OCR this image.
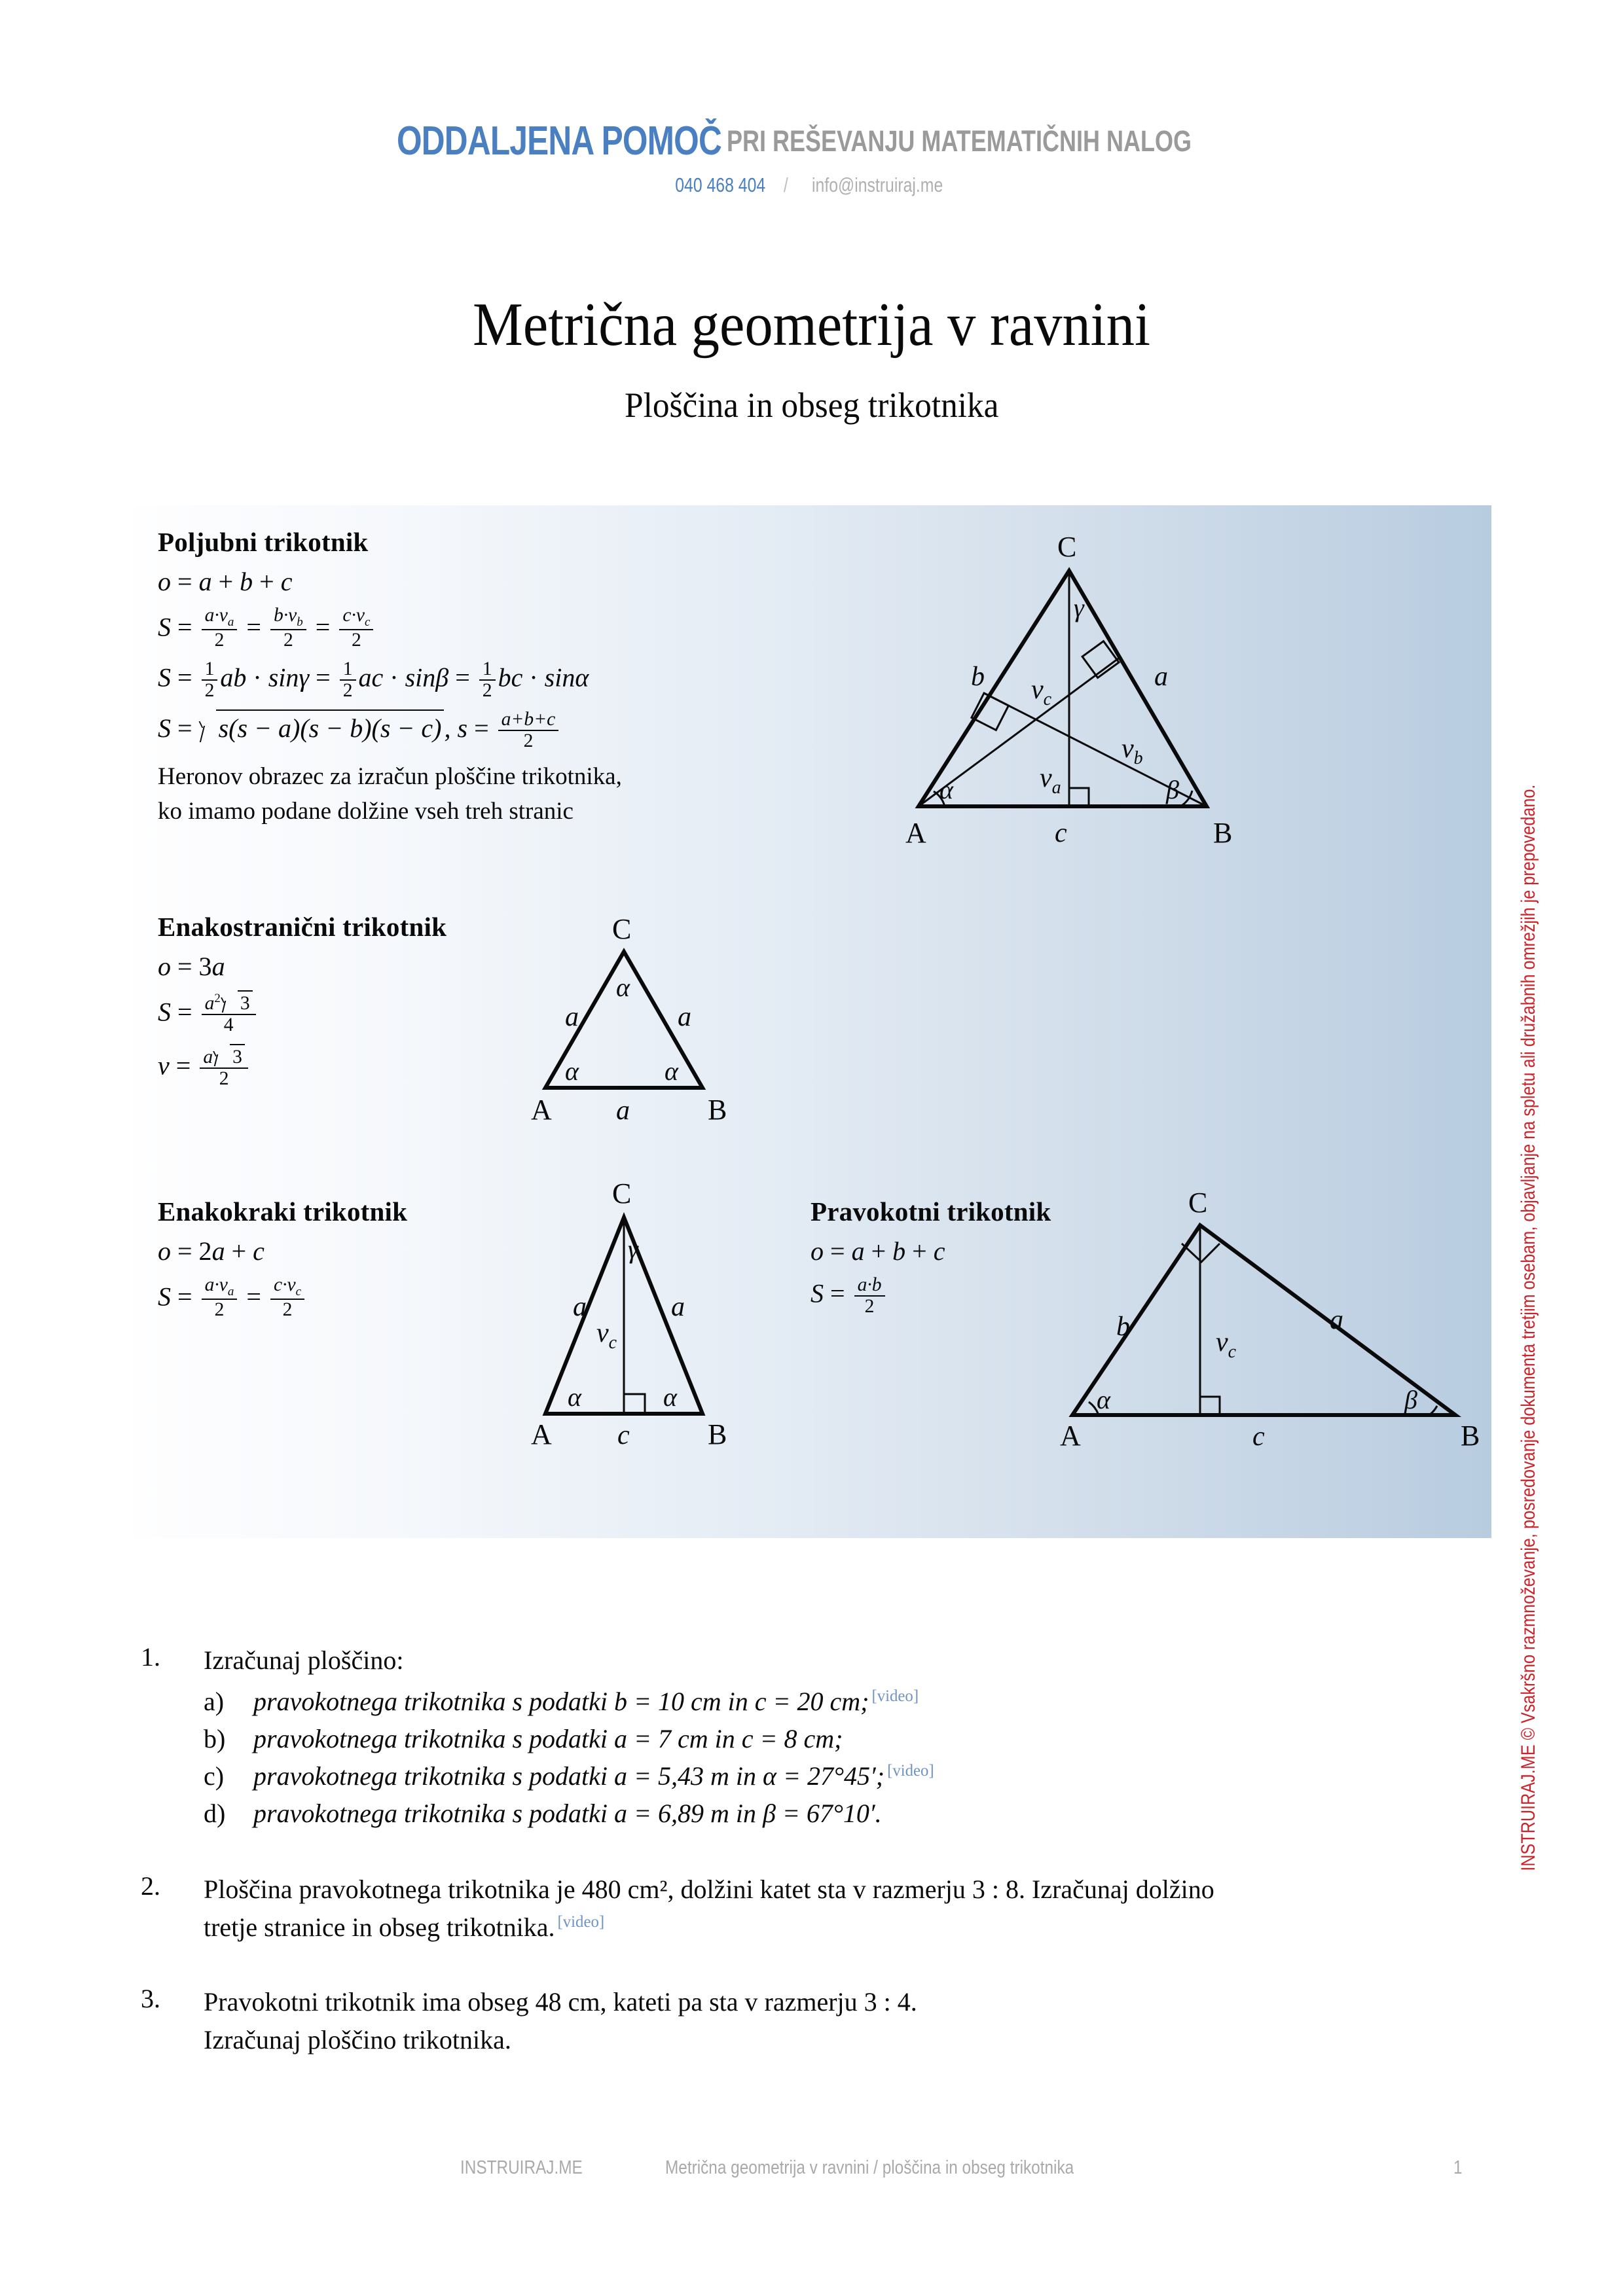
ODDALJENA POMOČ PRI REŠEVANJU MATEMATIČNIH NALOG
040 468 404 / info@instruiraj.me
Metrična geometrija v ravnini
Ploščina in obseg trikotnika
Poljubni trikotnik
o = a + b + c
$S = \frac{a\cdot v_a}{2} = \frac{b\cdot v_b}{2} = \frac{c\cdot v_c}{2}$
$S = \frac{1}{2}$ ab · $\sin\gamma = \frac{1}{2}$ ac · $\sin\beta = \frac{1}{2}$ bc · sinα
S = s(s − a)(s − b)(s − c) , $s = \frac{a+b+c}{2}$
Heronov obrazec za izračun ploščine trikotnika,
ko imamo podane dolžine vseh treh stranic
A	B
C
c
b	a
$v_c$
$v_a$
$v_b$
α	β
γ
Enakostranični trikotnik
o = 3a
$S = \frac{a^2 3}{4}$
$v = \frac{a 3}{2}$
A	B
C
a
a	a
α
α	α
Enakokraki trikotnik
o = 2a + c
$S = \frac{a\cdot v_a}{2} = \frac{c\cdot v_c}{2}$
A	B
C
c
a	a
$v_c$
γ
α	α
Pravokotni trikotnik
o = a + b + c
$S = \frac{a\cdot b}{2}$
A	B
C
c
b	a
$v_c$
α	β
1.	Izračunaj ploščino:
a)	pravokotnega trikotnika s podatki b = 10 cm in c = 20 cm; [video]
b)	pravokotnega trikotnika s podatki a = 7 cm in c = 8 cm;
c)	pravokotnega trikotnika s podatki a = 5,43 m in α = 27°45′; [video]
d)	pravokotnega trikotnika s podatki a = 6,89 m in β = 67°10′.
2.	Ploščina pravokotnega trikotnika je 480 cm², dolžini katet sta v razmerju 3 : 8. Izračunaj dolžino
tretje stranice in obseg trikotnika. [video]
3.	Pravokotni trikotnik ima obseg 48 cm, kateti pa sta v razmerju 3 : 4.
Izračunaj ploščino trikotnika.
INSTRUIRAJ.ME © Vsakršno razmnoževanje, posredovanje dokumenta tretjim osebam, objavljanje na spletu ali družabnih omrežjih je prepovedano.
INSTRUIRAJ.ME	Metrična geometrija v ravnini / ploščina in obseg trikotnika	1
